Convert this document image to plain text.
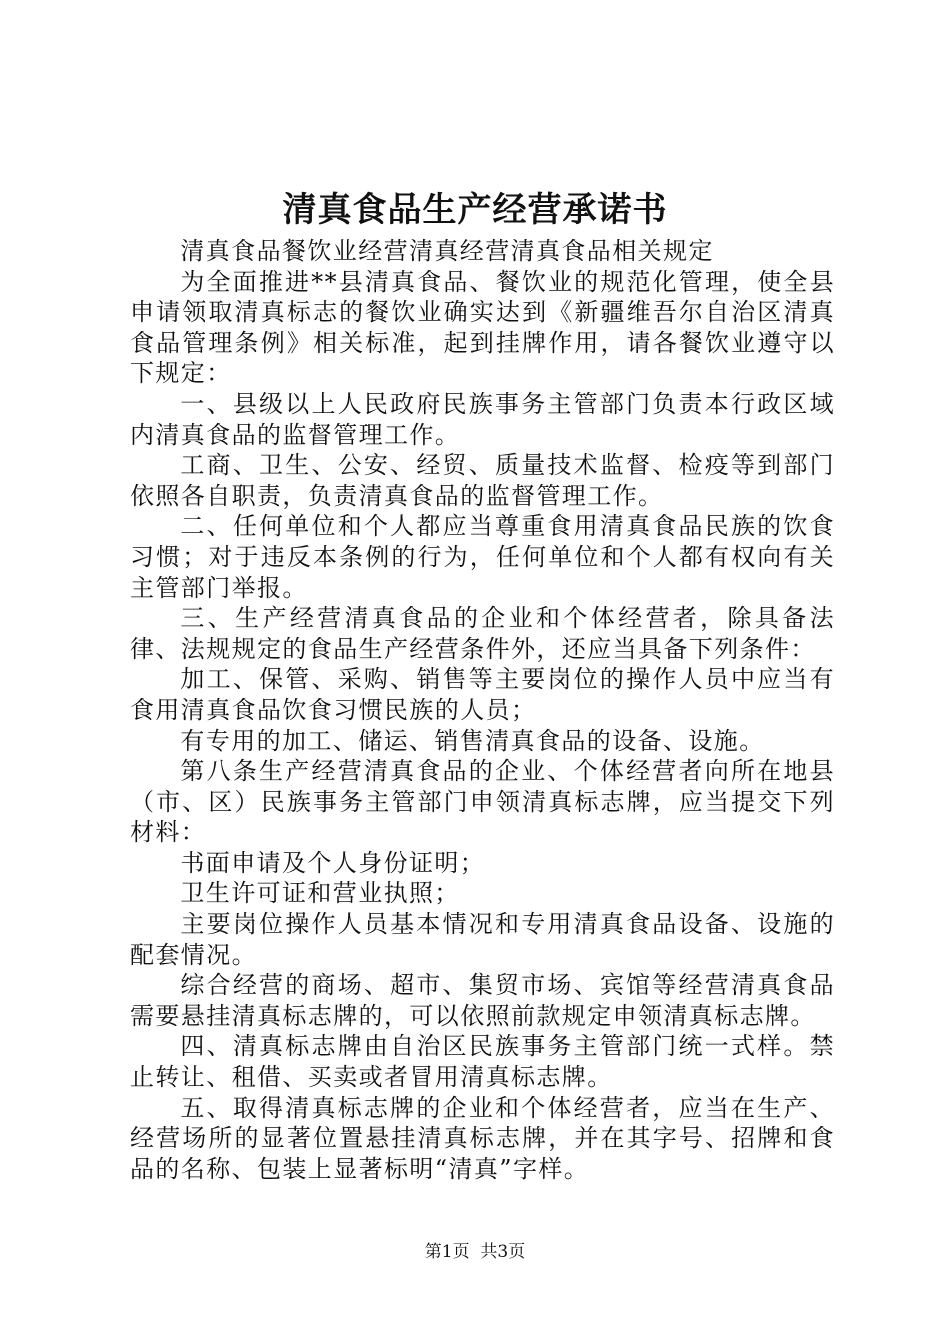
清真食品生产经营承诺书

清真食品餐饮业经营清真经营清真食品相关规定

为全面推进**县清真食品、餐饮业的规范化管理，使全县申请领取清真标志的餐饮业确实达到《新疆维吾尔自治区清真食品管理条例》相关标准，起到挂牌作用，请各餐饮业遵守以下规定：

一、县级以上人民政府民族事务主管部门负责本行政区域内清真食品的监督管理工作。

工商、卫生、公安、经贸、质量技术监督、检疫等到部门依照各自职责，负责清真食品的监督管理工作。

二、任何单位和个人都应当尊重食用清真食品民族的饮食习惯；对于违反本条例的行为，任何单位和个人都有权向有关主管部门举报。

三、生产经营清真食品的企业和个体经营者，除具备法律、法规规定的食品生产经营条件外，还应当具备下列条件：

加工、保管、采购、销售等主要岗位的操作人员中应当有食用清真食品饮食习惯民族的人员；

有专用的加工、储运、销售清真食品的设备、设施。

第八条生产经营清真食品的企业、个体经营者向所在地县（市、区）民族事务主管部门申领清真标志牌，应当提交下列材料：

书面申请及个人身份证明；

卫生许可证和营业执照；

主要岗位操作人员基本情况和专用清真食品设备、设施的配套情况。

综合经营的商场、超市、集贸市场、宾馆等经营清真食品需要悬挂清真标志牌的，可以依照前款规定申领清真标志牌。

四、清真标志牌由自治区民族事务主管部门统一式样。禁止转让、租借、买卖或者冒用清真标志牌。

五、取得清真标志牌的企业和个体经营者，应当在生产、经营场所的显著位置悬挂清真标志牌，并在其字号、招牌和食品的名称、包装上显著标明“清真”字样。

第1页 共3页
